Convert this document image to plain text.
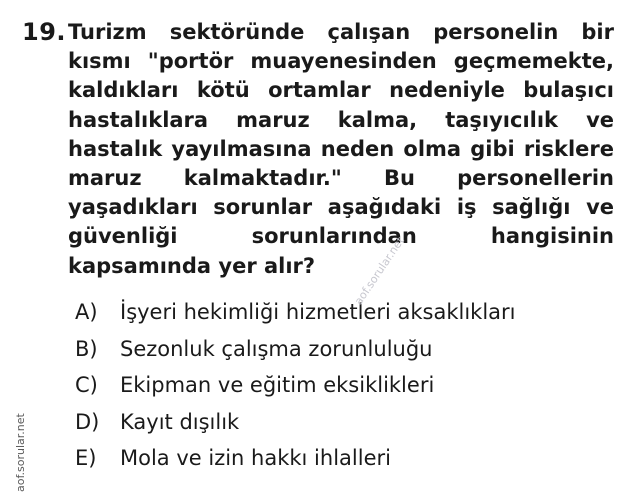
19. Turizm sektöründe çalışan personelin bir
kısmı "portör muayenesinden geçmemekte,
kaldıkları kötü ortamlar nedeniyle bulaşıcı
hastalıklara maruz kalma, taşıyıcılık ve
hastalık yayılmasına neden olma gibi risklere
maruz kalmaktadır." Bu personellerin
yaşadıkları sorunlar aşağıdaki iş sağlığı ve
güvenliği sorunlarından hangisinin
kapsamında yer alır?
A)	İşyeri hekimliği hizmetleri aksaklıkları
B)	Sezonluk çalışma zorunluluğu
C)	Ekipman ve eğitim eksiklikleri
D) Kayıt dışılık
E)	Mola ve izin hakkı ihlalleri
aof.sorular.net
aof.sorular.net
